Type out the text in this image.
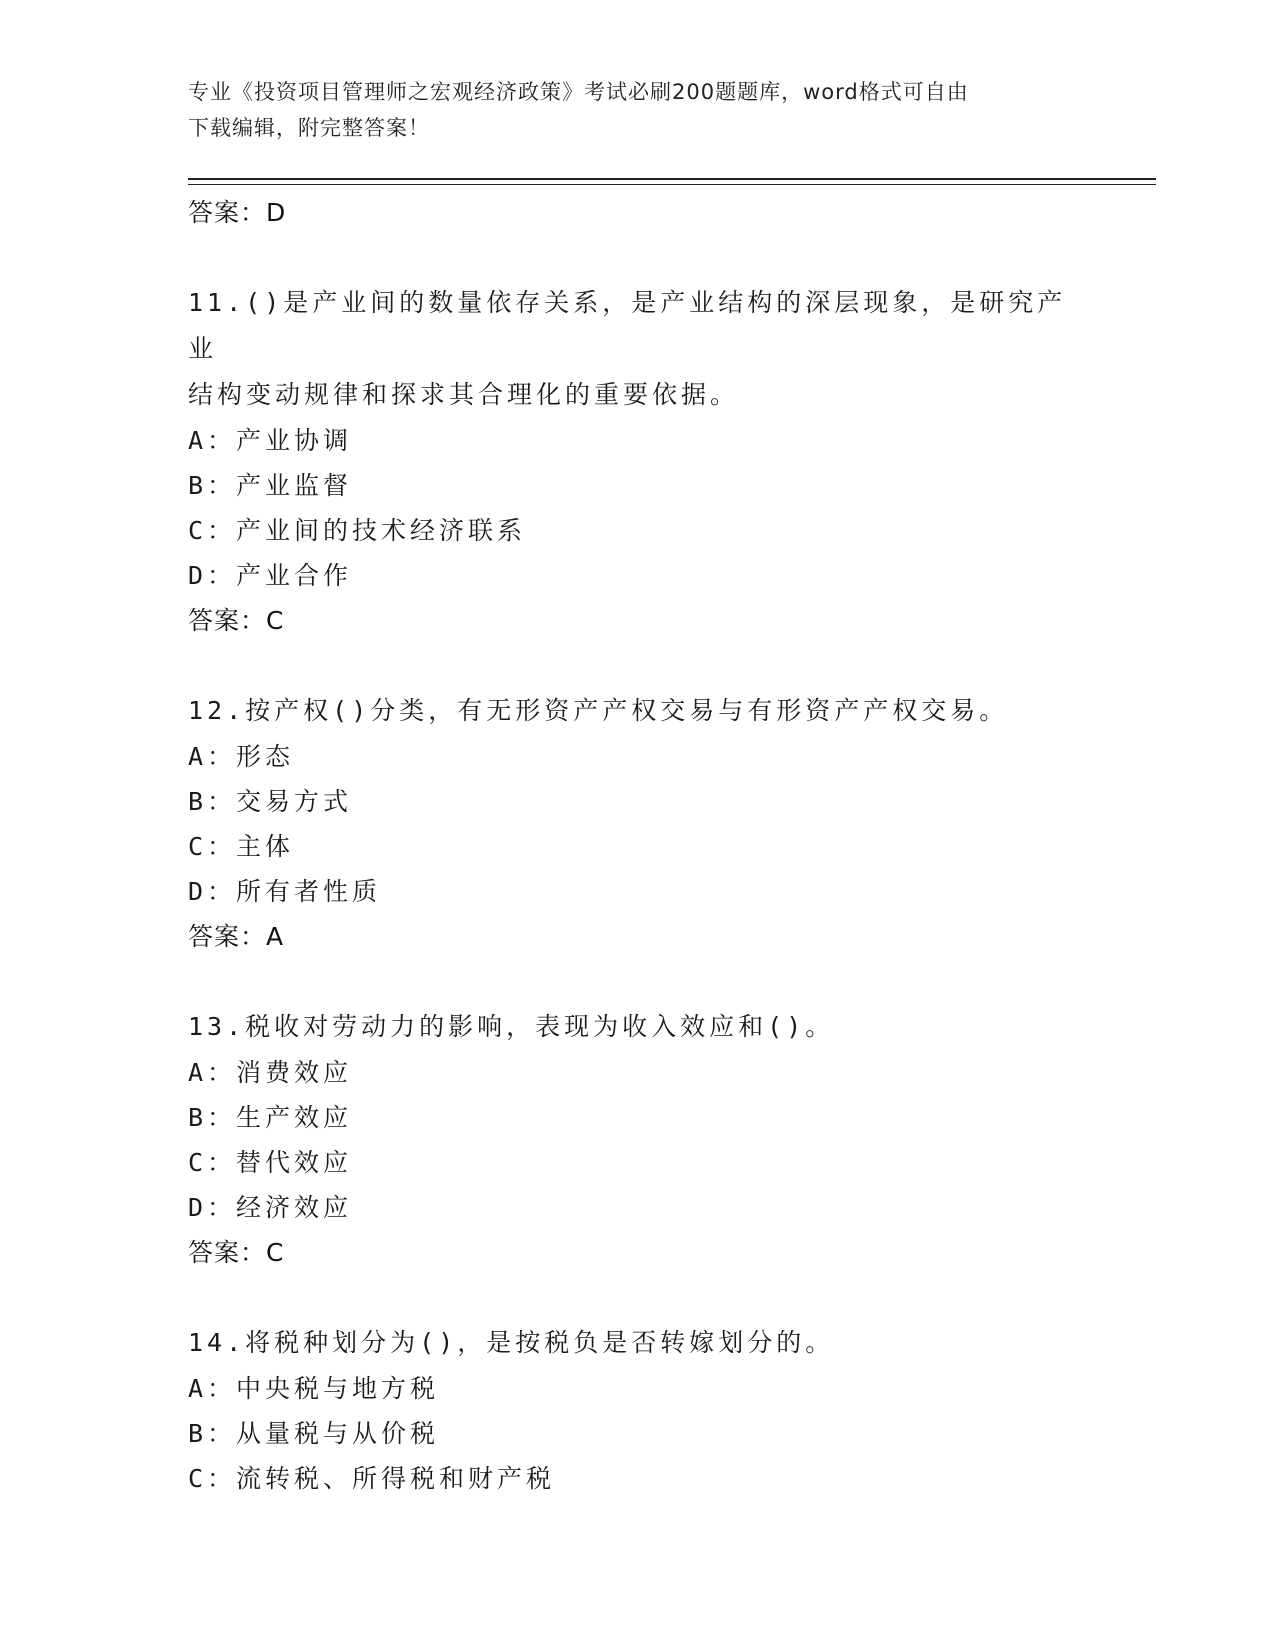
专业《投资项目管理师之宏观经济政策》考试必刷200题题库，word格式可自由
下载编辑，附完整答案！
答案：D
11.()是产业间的数量依存关系，是产业结构的深层现象，是研究产业
结构变动规律和探求其合理化的重要依据。
A：产业协调
B：产业监督
C：产业间的技术经济联系
D：产业合作
答案：C
12.按产权()分类，有无形资产产权交易与有形资产产权交易。
A：形态
B：交易方式
C：主体
D：所有者性质
答案：A
13.税收对劳动力的影响，表现为收入效应和()。
A：消费效应
B：生产效应
C：替代效应
D：经济效应
答案：C
14.将税种划分为()，是按税负是否转嫁划分的。
A：中央税与地方税
B：从量税与从价税
C：流转税、所得税和财产税
